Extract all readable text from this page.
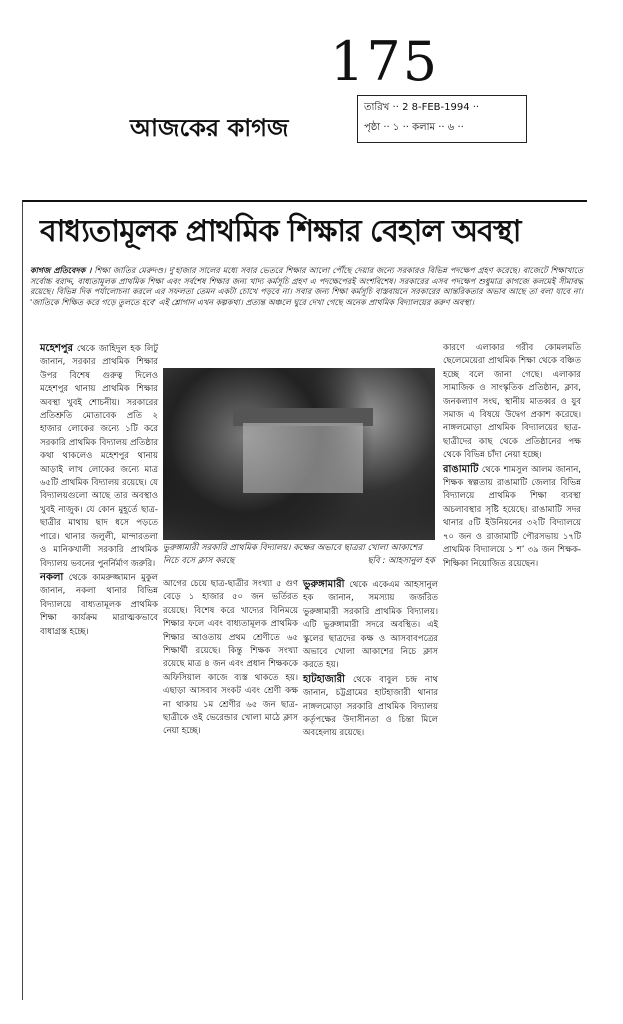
175
আজকের কাগজ
তারিখ ·· 2 8-FEB-1994 ··
পৃষ্ঠা ·· ১ ·· কলাম ·· ৬ ··
বাধ্যতামূলক প্রাথমিক শিক্ষার বেহাল অবস্থা
কাগজ প্রতিবেদক । শিক্ষা জাতির মেরুদণ্ড। দু'হাজার সালের মধ্যে সবার ভেতরে শিক্ষার আলো পৌঁছে দেয়ার জন্যে সরকারও বিভিন্ন পদক্ষেপ গ্রহণ করেছে। বাজেটে শিক্ষাখাতে সর্বোচ্চ বরাদ্দ, বাধ্যতামূলক প্রাথমিক শিক্ষা এবং সর্বশেষ শিক্ষার জন্য খাদ্য কর্মসূচি গ্রহণ এ পদক্ষেপেরই অংশবিশেষ। সরকারের এসব পদক্ষেপ শুধুমাত্র কাগজে কলমেই সীমাবদ্ধ রয়েছে। বিভিন্ন দিক পর্যালোচনা করলে এর সফলতা তেমন একটা চোখে পড়বে না। সবার জন্য শিক্ষা কর্মসূচি বাস্তবায়নে সরকারের আন্তরিকতার অভাব আছে তা বলা যাবে না। 'জাতিকে শিক্ষিত করে গড়ে তুলতে হবে' এই শ্লোগান এখন কল্পকথা। প্রত্যন্ত অঞ্চলে ঘুরে দেখা গেছে অনেক প্রাথমিক বিদ্যালয়ের করুণ অবস্থা।
মহেশপুর থেকে জাহিদুল হক লিটু জানান, সরকার প্রাথমিক শিক্ষার উপর বিশেষ গুরুত্ব দিলেও মহেশপুর থানায় প্রাথমিক শিক্ষার অবস্থা খুবই শোচনীয়। সরকারের প্রতিশ্রুতি মোতাবেক প্রতি ২ হাজার লোকের জন্যে ১টি করে সরকারি প্রাথমিক বিদ্যালয় প্রতিষ্ঠার কথা থাকলেও মহেশপুর থানায় আড়াই লাখ লোকের জন্যে মাত্র ৬৫টি প্রাথমিক বিদ্যালয় রয়েছে। যে বিদ্যালয়গুলো আছে তার অবস্থাও খুবই নাজুক। যে কোন মুহূর্তে ছাত্র-ছাত্রীর মাথায় ছাদ ধসে পড়তে পারে। থানার জলুলী, মান্দারতলা ও মানিকখালী সরকারি প্রাথমিক বিদ্যালয় ভবনের পুনর্নির্মাণ জরুরি।
নকলা থেকে কামরুজ্জামান মুকুল জানান, নকলা থানার বিভিন্ন বিদ্যালয়ে বাধ্যতামূলক প্রাথমিক শিক্ষা কার্যক্রম মারাত্মকভাবে বাধাগ্রস্ত হচ্ছে।
ভুরুঙ্গামারী সরকারি প্রাথমিক বিদ্যালয়। কক্ষের অভাবে ছাত্ররা খোলা আকাশের নিচে বসে ক্লাস করছে	ছবি : আহসানুল হক
আগের চেয়ে ছাত্র-ছাত্রীর সংখ্যা ৫ গুণ বেড়ে ১ হাজার ৫০ জন ভর্তিরত রয়েছে। বিশেষ করে খাদ্যের বিনিময়ে শিক্ষার ফলে এবং বাধ্যতামূলক প্রাথমিক শিক্ষার আওতায় প্রথম শ্রেণীতে ৬৫ শিক্ষার্থী রয়েছে। কিন্তু শিক্ষক সংখ্যা রয়েছে মাত্র ৪ জন এবং প্রধান শিক্ষককে অফিসিয়াল কাজে ব্যস্ত থাকতে হয়। এছাড়া আসবাব সংকট এবং শ্রেণী কক্ষ না থাকায় ১ম শ্রেণীর ৬৫ জন ছাত্র-ছাত্রীকে ওই ভেরেন্ডার খোলা মাঠে ক্লাস নেয়া হচ্ছে।
ভুরুঙ্গামারী থেকে একেএম আহসানুল হক জানান, সমস্যায় জর্জরিত ভুরুঙ্গামারী সরকারি প্রাথমিক বিদ্যালয়। এটি ভুরুঙ্গামারী সদরে অবস্থিত। এই স্কুলের ছাত্রদের কক্ষ ও আসবাবপত্রের অভাবে খোলা আকাশের নিচে ক্লাস করতে হয়।
হাটহাজারী থেকে বাবুল চন্দ্র নাথ জানান, চট্টগ্রামের হাটহাজারী থানার নাঙ্গলমোড়া সরকারি প্রাথমিক বিদ্যালয় কর্তৃপক্ষের উদাসীনতা ও চিন্তা মিলে অবহেলায় রয়েছে।
কারণে এলাকার গরীব কোমলমতি ছেলেমেয়েরা প্রাথমিক শিক্ষা থেকে বঞ্চিত হচ্ছে বলে জানা গেছে। এলাকার সামাজিক ও সাংস্কৃতিক প্রতিষ্ঠান, ক্লাব, জনকল্যাণ সংঘ, স্থানীয় মাতব্বর ও যুব সমাজ এ বিষয়ে উদ্বেগ প্রকাশ করেছে। নাঙ্গলমোড়া প্রাথমিক বিদ্যালয়ের ছাত্র-ছাত্রীদের কাছ থেকে প্রতিষ্ঠানের পক্ষ থেকে বিভিন্ন চাঁদা নেয়া হচ্ছে।
রাঙামাটি থেকে শামসুল আলম জানান, শিক্ষক স্বল্পতায় রাঙামাটি জেলার বিভিন্ন বিদ্যালয়ে প্রাথমিক শিক্ষা ব্যবস্থা অচলাবস্থার সৃষ্টি হয়েছে। রাঙামাটি সদর থানার ৫টি ইউনিয়নের ৩২টি বিদ্যালয়ে ৭০ জন ও রাজামাটি পৌরসভায় ১৭টি প্রাথমিক বিদ্যালয়ে ১ শ’ ৩৯ জন শিক্ষক-শিক্ষিকা নিয়োজিত রয়েছেন।
